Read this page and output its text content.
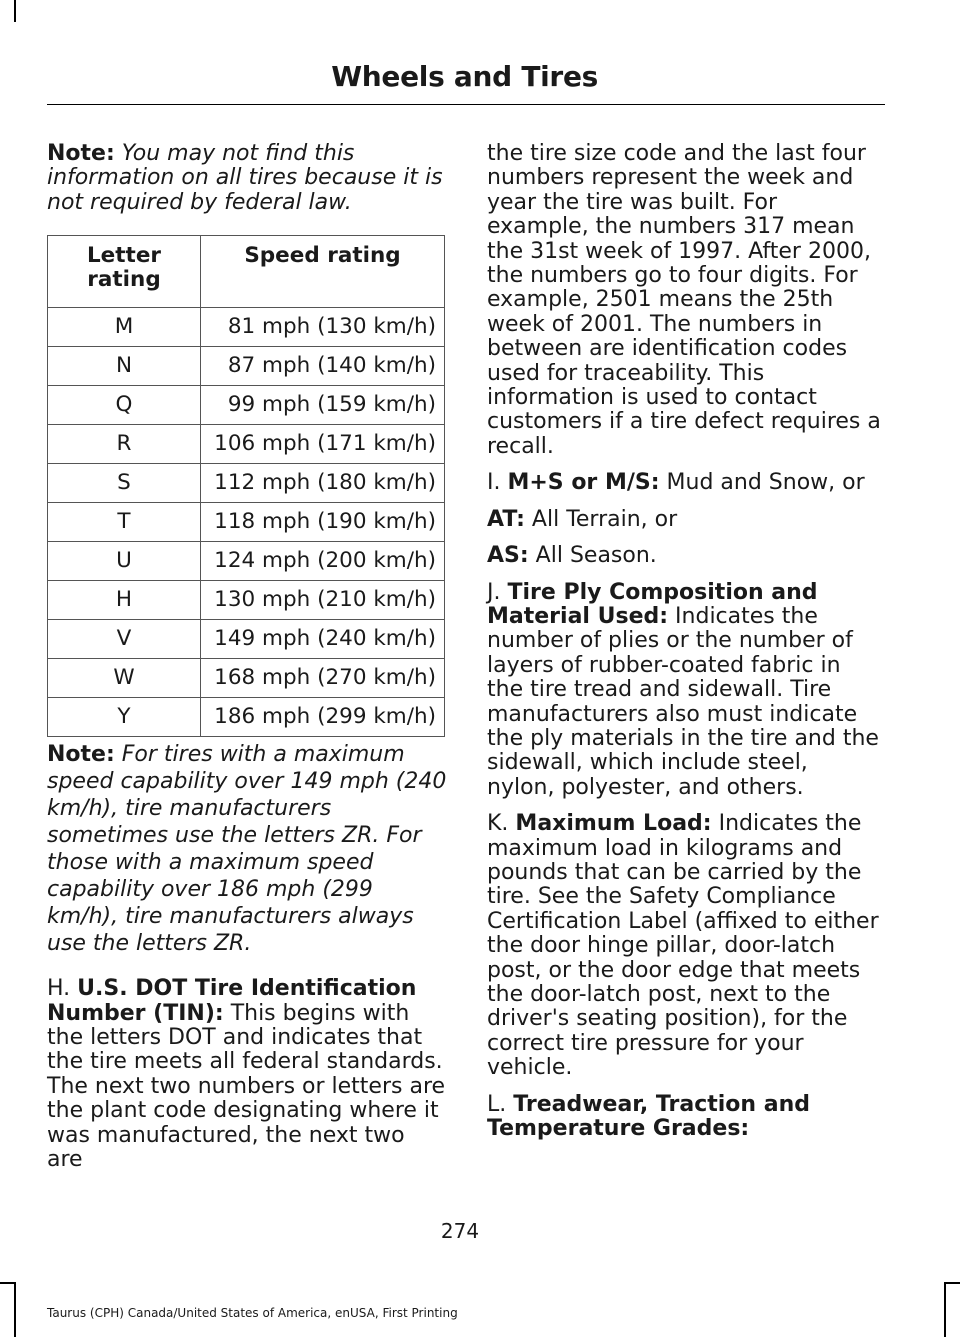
Wheels and Tires

Note: You may not find this information on all tires because it is not required by federal law.

Letter rating	Speed rating
M	81 mph (130 km/h)
N	87 mph (140 km/h)
Q	99 mph (159 km/h)
R	106 mph (171 km/h)
S	112 mph (180 km/h)
T	118 mph (190 km/h)
U	124 mph (200 km/h)
H	130 mph (210 km/h)
V	149 mph (240 km/h)
W	168 mph (270 km/h)
Y	186 mph (299 km/h)

Note: For tires with a maximum speed capability over 149 mph (240 km/h), tire manufacturers sometimes use the letters ZR. For those with a maximum speed capability over 186 mph (299 km/h), tire manufacturers always use the letters ZR.

H. U.S. DOT Tire Identification Number (TIN): This begins with the letters DOT and indicates that the tire meets all federal standards. The next two numbers or letters are the plant code designating where it was manufactured, the next two are

the tire size code and the last four numbers represent the week and year the tire was built. For example, the numbers 317 mean the 31st week of 1997. After 2000, the numbers go to four digits. For example, 2501 means the 25th week of 2001. The numbers in between are identification codes used for traceability. This information is used to contact customers if a tire defect requires a recall.

I. M+S or M/S: Mud and Snow, or

AT: All Terrain, or

AS: All Season.

J. Tire Ply Composition and Material Used: Indicates the number of plies or the number of layers of rubber-coated fabric in the tire tread and sidewall. Tire manufacturers also must indicate the ply materials in the tire and the sidewall, which include steel, nylon, polyester, and others.

K. Maximum Load: Indicates the maximum load in kilograms and pounds that can be carried by the tire. See the Safety Compliance Certification Label (affixed to either the door hinge pillar, door-latch post, or the door edge that meets the door-latch post, next to the driver's seating position), for the correct tire pressure for your vehicle.

L. Treadwear, Traction and Temperature Grades:

274
Taurus (CPH) Canada/United States of America, enUSA, First Printing
